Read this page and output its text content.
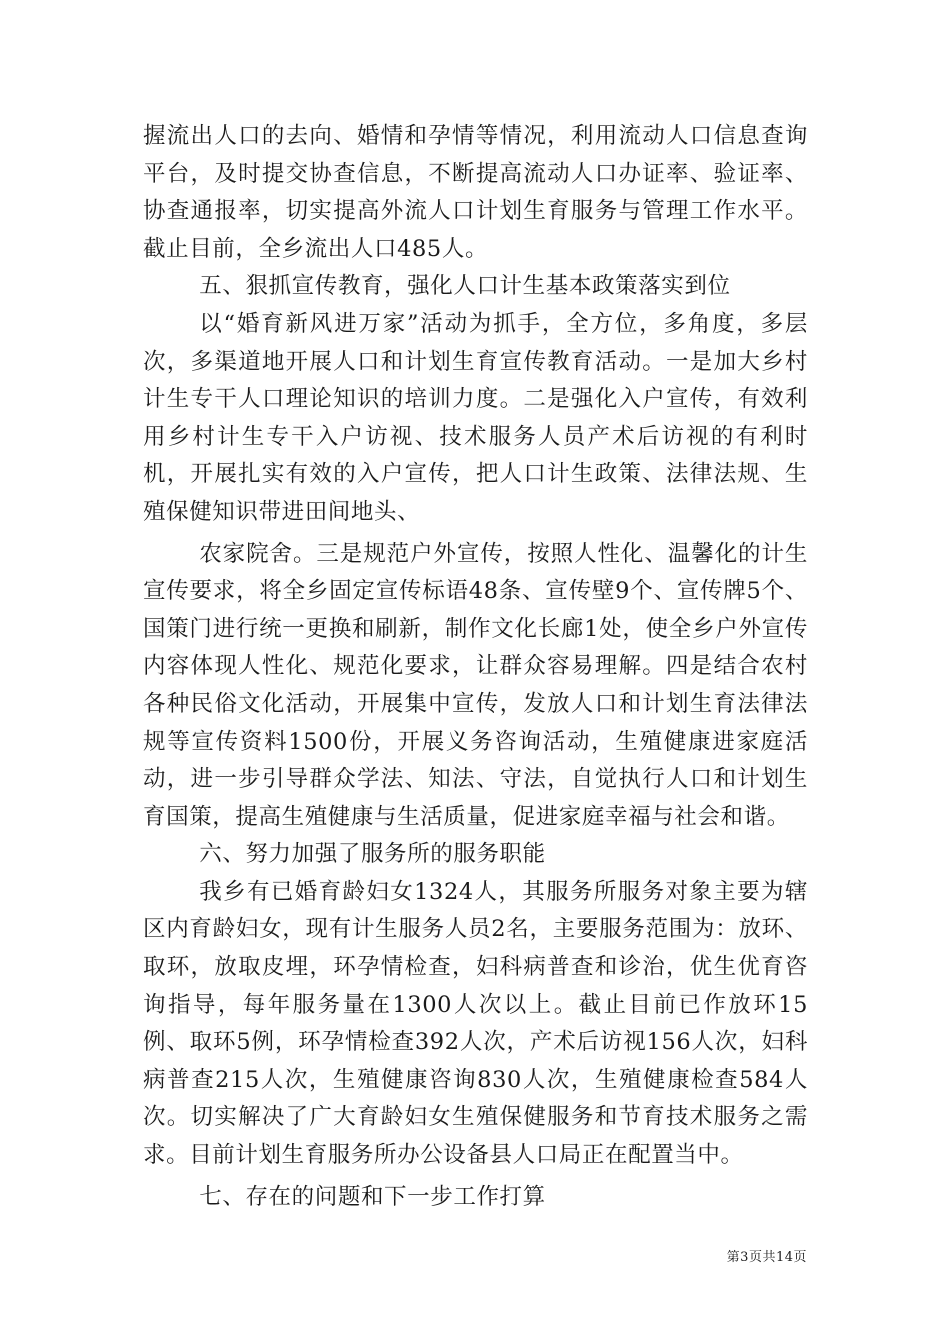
握流出人口的去向、婚情和孕情等情况，利用流动人口信息查询平台，及时提交协查信息，不断提高流动人口办证率、验证率、协查通报率，切实提高外流人口计划生育服务与管理工作水平。截止目前，全乡流出人口485人。

五、狠抓宣传教育，强化人口计生基本政策落实到位

以“婚育新风进万家”活动为抓手，全方位，多角度，多层次，多渠道地开展人口和计划生育宣传教育活动。一是加大乡村计生专干人口理论知识的培训力度。二是强化入户宣传，有效利用乡村计生专干入户访视、技术服务人员产术后访视的有利时机，开展扎实有效的入户宣传，把人口计生政策、法律法规、生殖保健知识带进田间地头、

农家院舍。三是规范户外宣传，按照人性化、温馨化的计生宣传要求，将全乡固定宣传标语48条、宣传壁9个、宣传牌5个、国策门进行统一更换和刷新，制作文化长廊1处，使全乡户外宣传内容体现人性化、规范化要求，让群众容易理解。四是结合农村各种民俗文化活动，开展集中宣传，发放人口和计划生育法律法规等宣传资料1500份，开展义务咨询活动，生殖健康进家庭活动，进一步引导群众学法、知法、守法，自觉执行人口和计划生育国策，提高生殖健康与生活质量，促进家庭幸福与社会和谐。

六、努力加强了服务所的服务职能

我乡有已婚育龄妇女1324人，其服务所服务对象主要为辖区内育龄妇女，现有计生服务人员2名，主要服务范围为：放环、取环，放取皮埋，环孕情检查，妇科病普查和诊治，优生优育咨询指导，每年服务量在1300人次以上。截止目前已作放环15例、取环5例，环孕情检查392人次，产术后访视156人次，妇科病普查215人次，生殖健康咨询830人次，生殖健康检查584人次。切实解决了广大育龄妇女生殖保健服务和节育技术服务之需求。目前计划生育服务所办公设备县人口局正在配置当中。

七、存在的问题和下一步工作打算

第3页共14页
